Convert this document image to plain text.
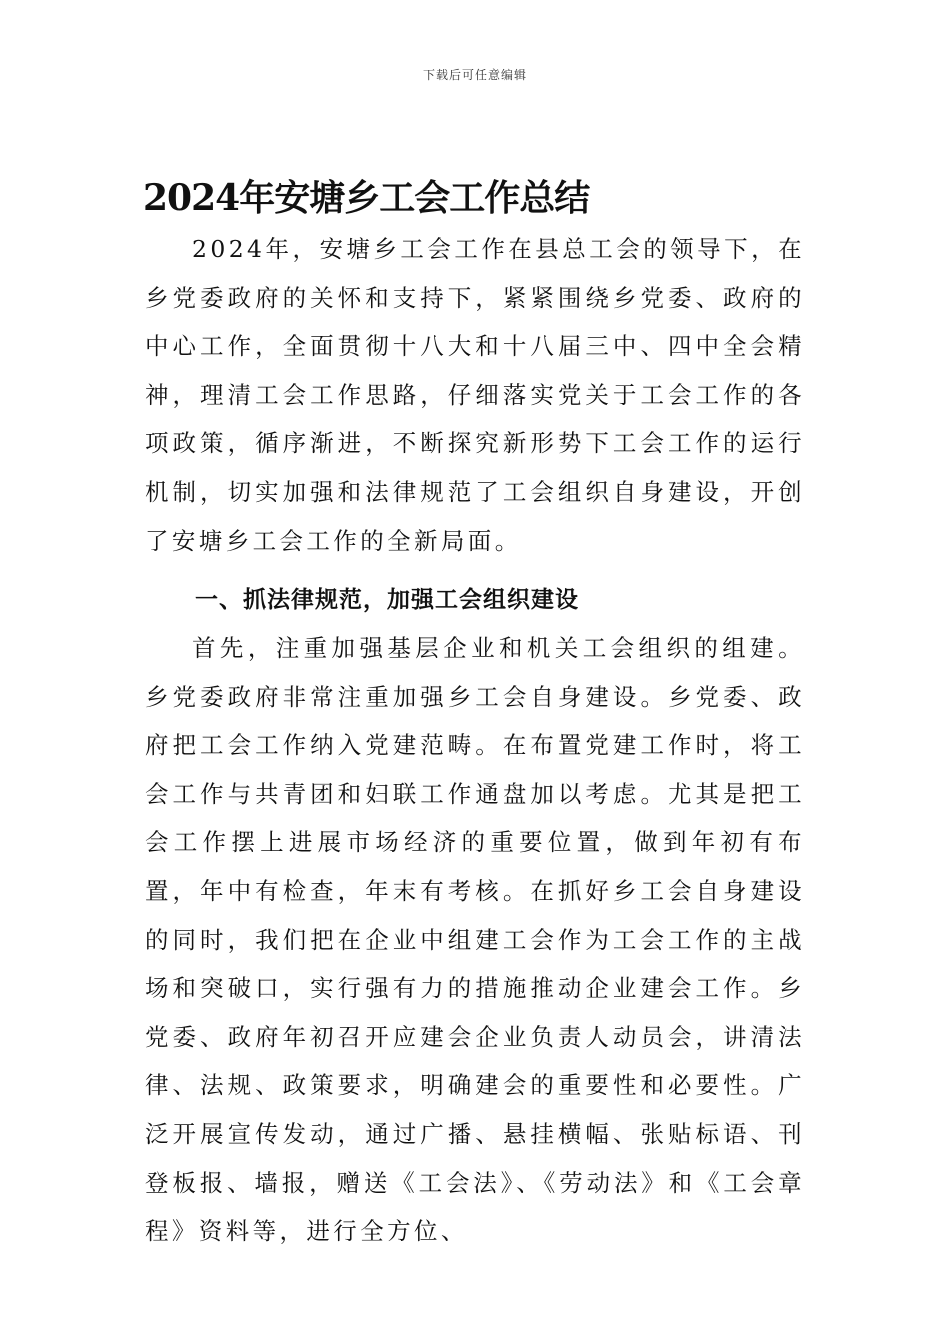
下载后可任意编辑
2024年安塘乡工会工作总结

2024年，安塘乡工会工作在县总工会的领导下，在乡党委政府的关怀和支持下，紧紧围绕乡党委、政府的中心工作，全面贯彻十八大和十八届三中、四中全会精神，理清工会工作思路，仔细落实党关于工会工作的各项政策，循序渐进，不断探究新形势下工会工作的运行机制，切实加强和法律规范了工会组织自身建设，开创了安塘乡工会工作的全新局面。

一、抓法律规范，加强工会组织建设

首先，注重加强基层企业和机关工会组织的组建。乡党委政府非常注重加强乡工会自身建设。乡党委、政府把工会工作纳入党建范畴。在布置党建工作时，将工会工作与共青团和妇联工作通盘加以考虑。尤其是把工会工作摆上进展市场经济的重要位置，做到年初有布置，年中有检查，年末有考核。在抓好乡工会自身建设的同时，我们把在企业中组建工会作为工会工作的主战场和突破口，实行强有力的措施推动企业建会工作。乡党委、政府年初召开应建会企业负责人动员会，讲清法律、法规、政策要求，明确建会的重要性和必要性。广泛开展宣传发动，通过广播、悬挂横幅、张贴标语、刊登板报、墙报，赠送《工会法》、《劳动法》和《工会章程》资料等，进行全方位、
